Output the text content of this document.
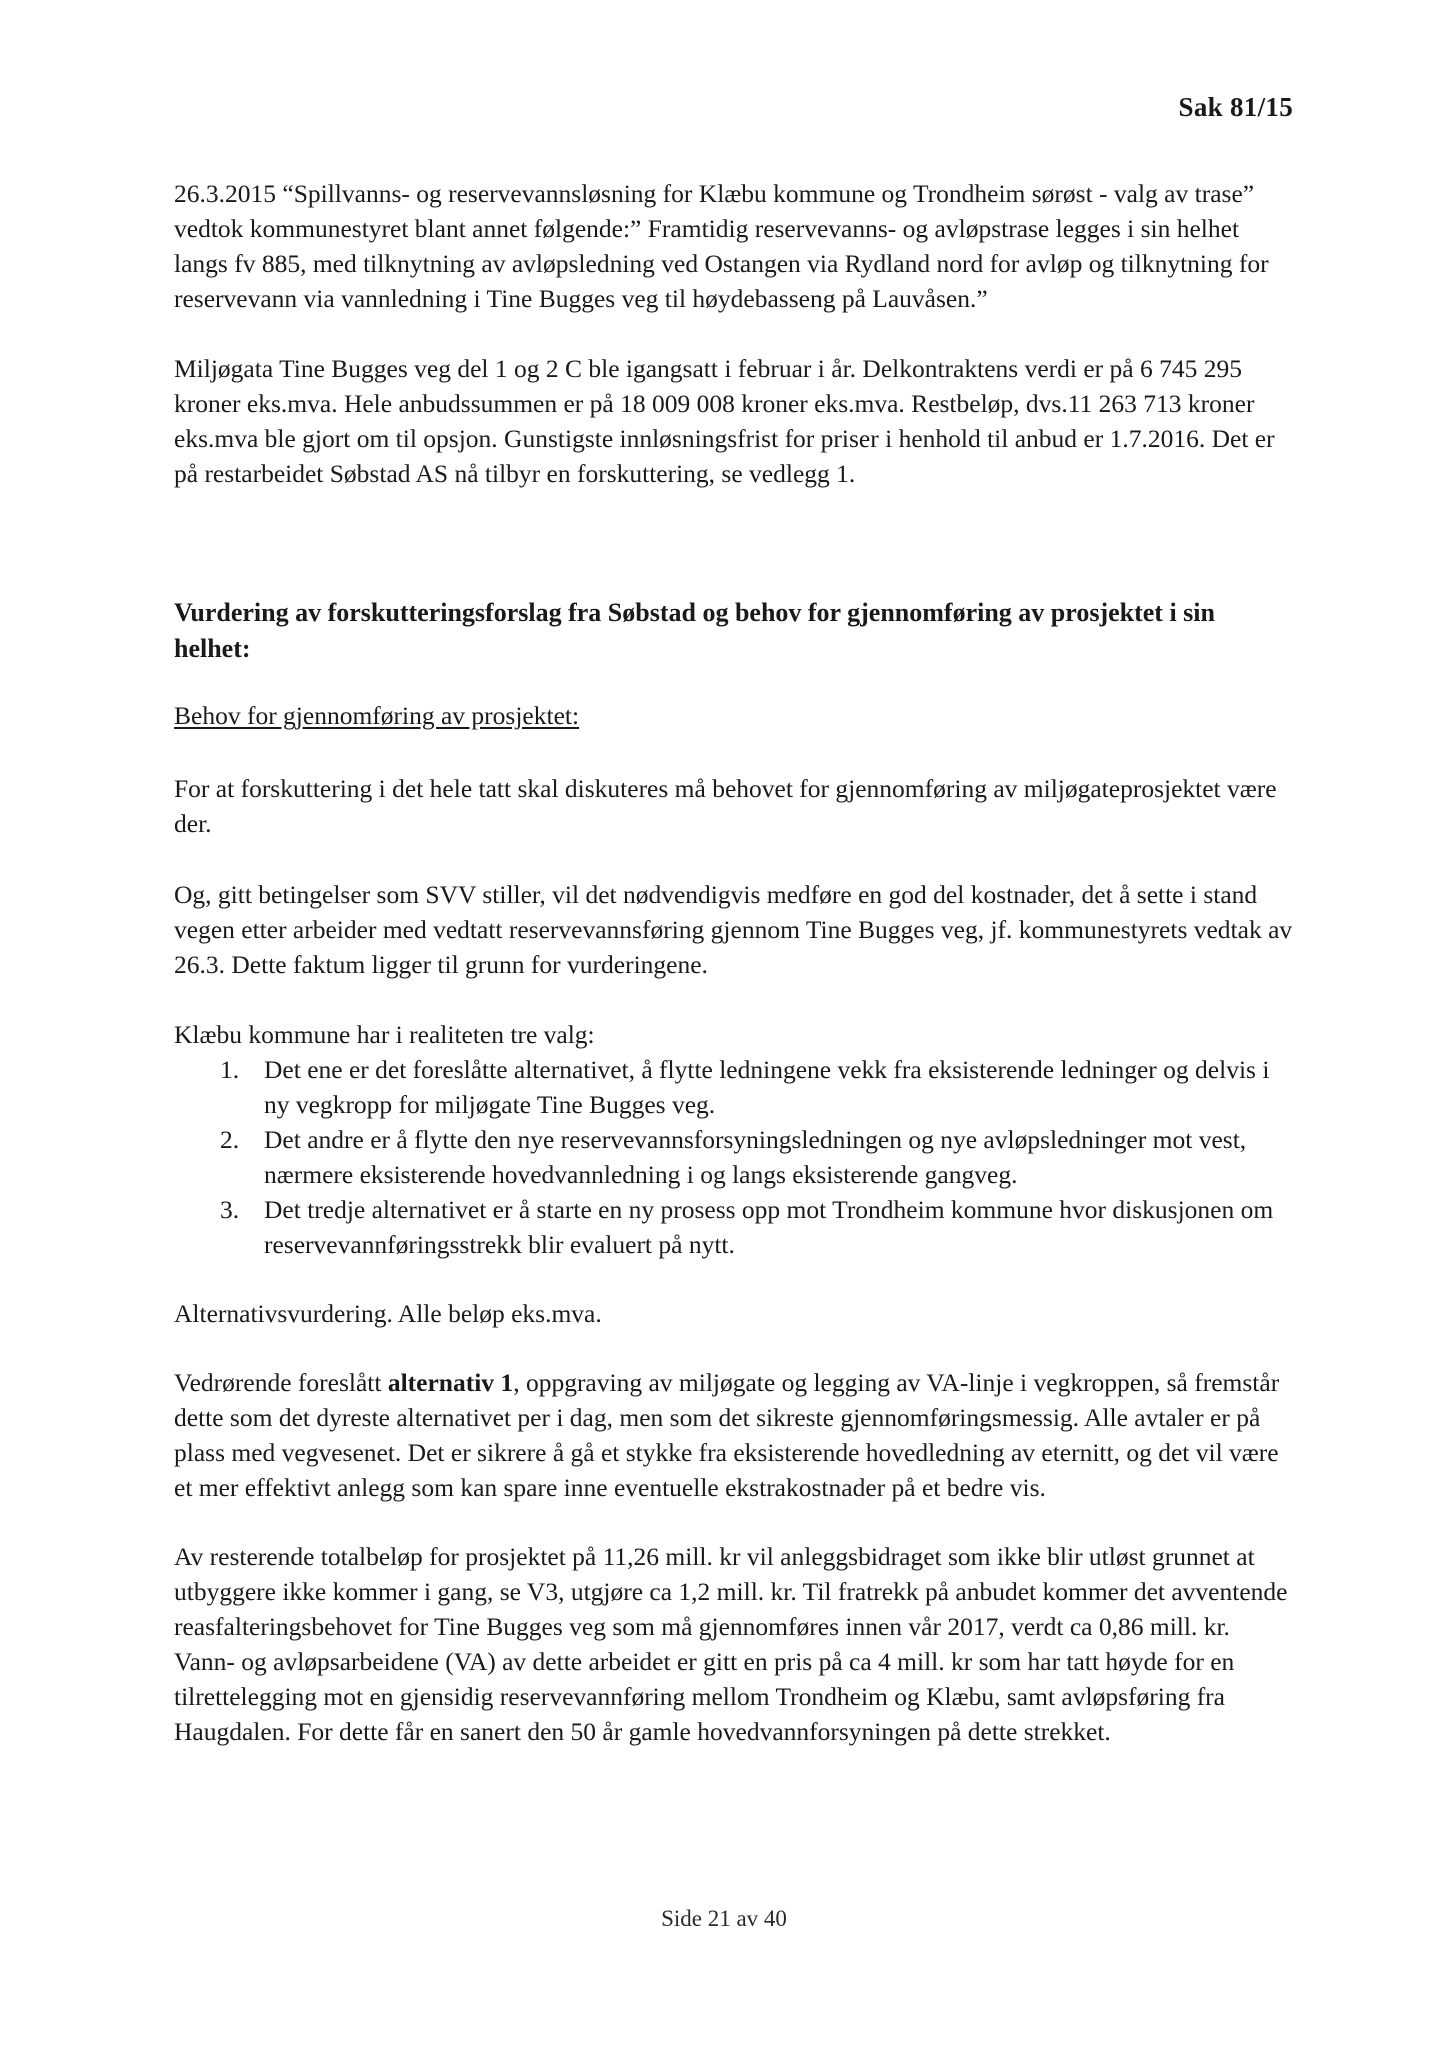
Sak 81/15

26.3.2015 “Spillvanns- og reservevannsløsning for Klæbu kommune og Trondheim sørøst - valg av trase” vedtok kommunestyret blant annet følgende:” Framtidig reservevanns- og avløpstrase legges i sin helhet langs fv 885, med tilknytning av avløpsledning ved Ostangen via Rydland nord for avløp og tilknytning for reservevann via vannledning i Tine Bugges veg til høydebasseng på Lauvåsen.”

Miljøgata Tine Bugges veg del 1 og 2 C ble igangsatt i februar i år. Delkontraktens verdi er på 6 745 295 kroner eks.mva. Hele anbudssummen er på 18 009 008 kroner eks.mva. Restbeløp, dvs.11 263 713 kroner eks.mva ble gjort om til opsjon. Gunstigste innløsningsfrist for priser i henhold til anbud er 1.7.2016. Det er på restarbeidet Søbstad AS nå tilbyr en forskuttering, se vedlegg 1.

Vurdering av forskutteringsforslag fra Søbstad og behov for gjennomføring av prosjektet i sin helhet:

Behov for gjennomføring av prosjektet:

For at forskuttering i det hele tatt skal diskuteres må behovet for gjennomføring av miljøgateprosjektet være der.

Og, gitt betingelser som SVV stiller, vil det nødvendigvis medføre en god del kostnader, det å sette i stand vegen etter arbeider med vedtatt reservevannsføring gjennom Tine Bugges veg, jf. kommunestyrets vedtak av 26.3. Dette faktum ligger til grunn for vurderingene.

Klæbu kommune har i realiteten tre valg:

1. Det ene er det foreslåtte alternativet, å flytte ledningene vekk fra eksisterende ledninger og delvis i ny vegkropp for miljøgate Tine Bugges veg.
2. Det andre er å flytte den nye reservevannsforsyningsledningen og nye avløpsledninger mot vest, nærmere eksisterende hovedvannledning i og langs eksisterende gangveg.
3. Det tredje alternativet er å starte en ny prosess opp mot Trondheim kommune hvor diskusjonen om reservevannføringsstrekk blir evaluert på nytt.

Alternativsvurdering. Alle beløp eks.mva.

Vedrørende foreslått alternativ 1, oppgraving av miljøgate og legging av VA-linje i vegkroppen, så fremstår dette som det dyreste alternativet per i dag, men som det sikreste gjennomføringsmessig. Alle avtaler er på plass med vegvesenet. Det er sikrere å gå et stykke fra eksisterende hovedledning av eternitt, og det vil være et mer effektivt anlegg som kan spare inne eventuelle ekstrakostnader på et bedre vis.

Av resterende totalbeløp for prosjektet på 11,26 mill. kr vil anleggsbidraget som ikke blir utløst grunnet at utbyggere ikke kommer i gang, se V3, utgjøre ca 1,2 mill. kr. Til fratrekk på anbudet kommer det avventende reasfalteringsbehovet for Tine Bugges veg som må gjennomføres innen vår 2017, verdt ca 0,86 mill. kr. Vann- og avløpsarbeidene (VA) av dette arbeidet er gitt en pris på ca 4 mill. kr som har tatt høyde for en tilrettelegging mot en gjensidig reservevannføring mellom Trondheim og Klæbu, samt avløpsføring fra Haugdalen. For dette får en sanert den 50 år gamle hovedvannforsyningen på dette strekket.

Side 21 av 40
